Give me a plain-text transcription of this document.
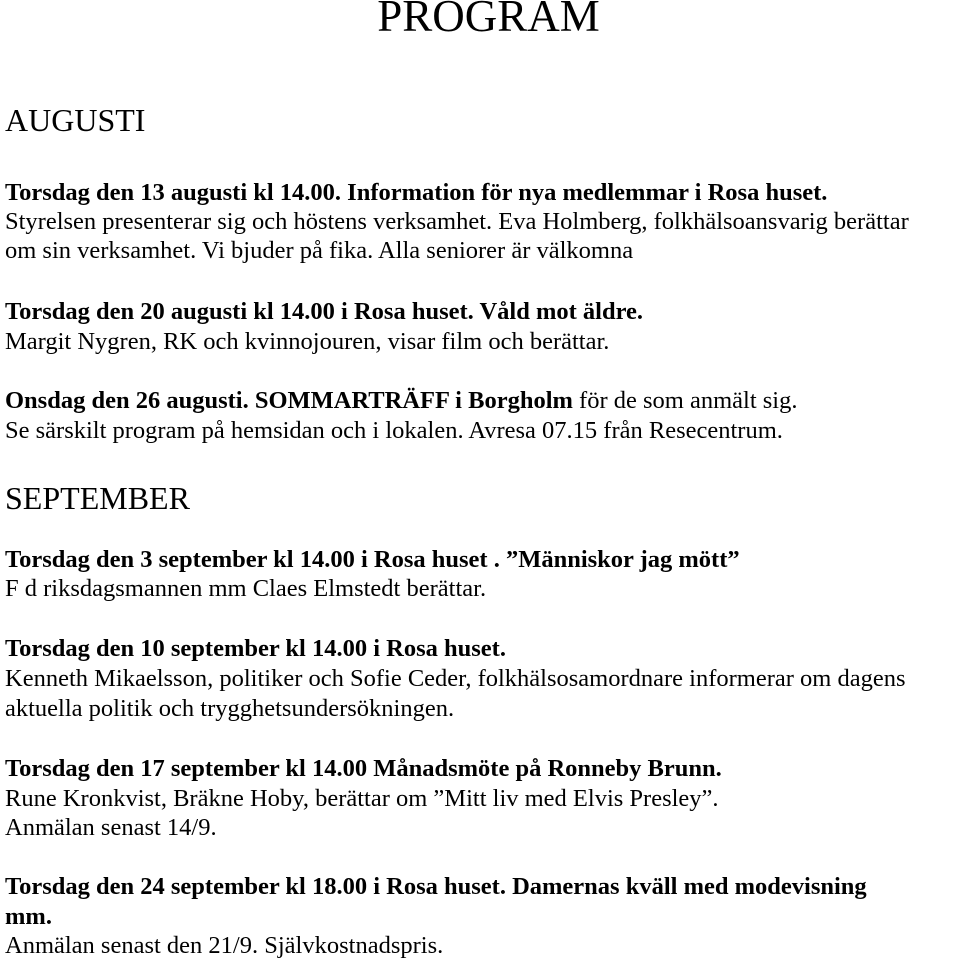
PROGRAM
AUGUSTI

Torsdag den 13 augusti kl 14.00. Information för nya medlemmar i Rosa huset.

Styrelsen presenterar sig och höstens verksamhet. Eva Holmberg, folkhälsoansvarig berättar

om sin verksamhet. Vi bjuder på fika. Alla seniorer är välkomna

Torsdag den 20 augusti kl 14.00 i Rosa huset. Våld mot äldre.

Margit Nygren, RK och kvinnojouren, visar film och berättar.

Onsdag den 26 augusti. SOMMARTRÄFF i Borgholm för de som anmält sig.

Se särskilt program på hemsidan och i lokalen. Avresa 07.15 från Resecentrum.

SEPTEMBER

Torsdag den 3 september kl 14.00 i Rosa huset . ”Människor jag mött”

F d riksdagsmannen mm Claes Elmstedt berättar.

Torsdag den 10 september kl 14.00 i Rosa huset.

Kenneth Mikaelsson, politiker och Sofie Ceder, folkhälsosamordnare informerar om dagens

aktuella politik och trygghetsundersökningen.

Torsdag den 17 september kl 14.00 Månadsmöte på Ronneby Brunn.

Rune Kronkvist, Bräkne Hoby, berättar om ”Mitt liv med Elvis Presley”.

Anmälan senast 14/9.

Torsdag den 24 september kl 18.00 i Rosa huset. Damernas kväll med modevisning

mm.

Anmälan senast den 21/9. Självkostnadspris.
